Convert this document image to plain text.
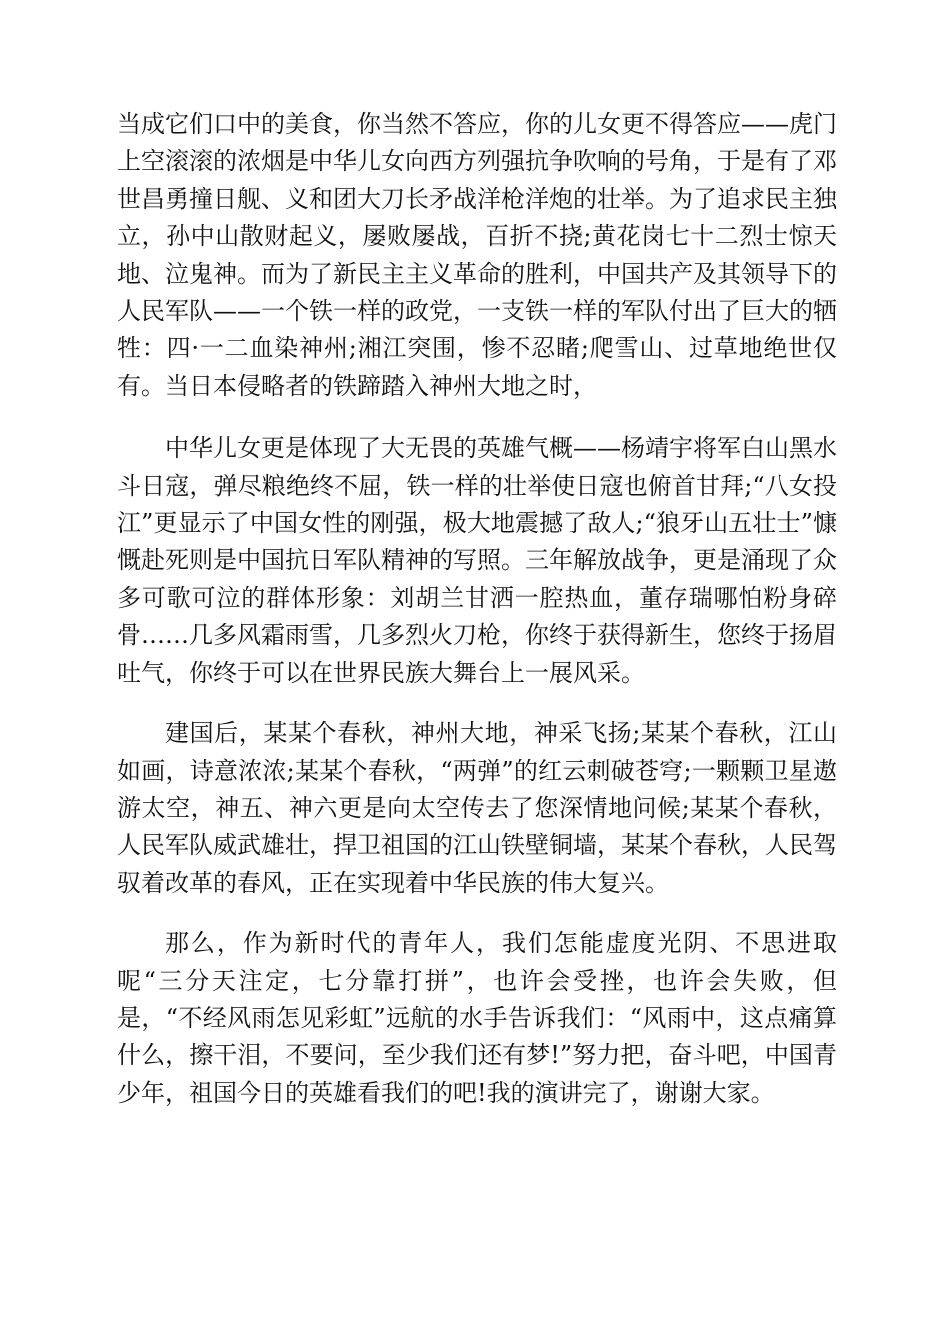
当成它们口中的美食，你当然不答应，你的儿女更不得答应——虎门上空滚滚的浓烟是中华儿女向西方列强抗争吹响的号角，于是有了邓世昌勇撞日舰、义和团大刀长矛战洋枪洋炮的壮举。为了追求民主独立，孙中山散财起义，屡败屡战，百折不挠;黄花岗七十二烈士惊天地、泣鬼神。而为了新民主主义革命的胜利，中国共产及其领导下的人民军队——一个铁一样的政党，一支铁一样的军队付出了巨大的牺牲：四·一二血染神州;湘江突围，惨不忍睹;爬雪山、过草地绝世仅有。当日本侵略者的铁蹄踏入神州大地之时，

中华儿女更是体现了大无畏的英雄气概——杨靖宇将军白山黑水斗日寇，弹尽粮绝终不屈，铁一样的壮举使日寇也俯首甘拜;“八女投江”更显示了中国女性的刚强，极大地震撼了敌人;“狼牙山五壮士”慷慨赴死则是中国抗日军队精神的写照。三年解放战争，更是涌现了众多可歌可泣的群体形象：刘胡兰甘洒一腔热血，董存瑞哪怕粉身碎骨……几多风霜雨雪，几多烈火刀枪，你终于获得新生，您终于扬眉吐气，你终于可以在世界民族大舞台上一展风采。

建国后，某某个春秋，神州大地，神采飞扬;某某个春秋，江山如画，诗意浓浓;某某个春秋，“两弹”的红云刺破苍穹;一颗颗卫星遨游太空，神五、神六更是向太空传去了您深情地问候;某某个春秋，人民军队威武雄壮，捍卫祖国的江山铁壁铜墙，某某个春秋，人民驾驭着改革的春风，正在实现着中华民族的伟大复兴。

那么，作为新时代的青年人，我们怎能虚度光阴、不思进取呢“三分天注定，七分靠打拼”，也许会受挫，也许会失败，但是，“不经风雨怎见彩虹”远航的水手告诉我们：“风雨中，这点痛算什么，擦干泪，不要问，至少我们还有梦!”努力把，奋斗吧，中国青少年，祖国今日的英雄看我们的吧!我的演讲完了，谢谢大家。
